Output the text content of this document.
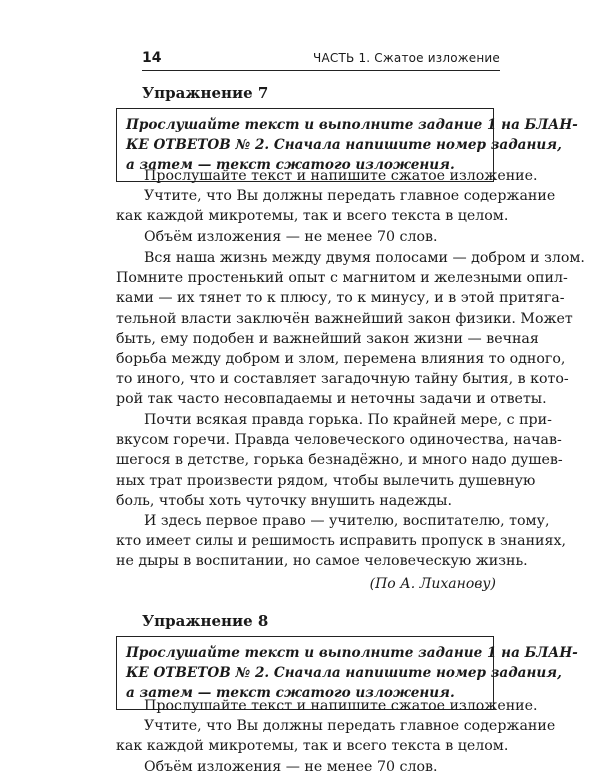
14	ЧАСТЬ 1. Сжатое изложение
Упражнение 7
Прослушайте текст и выполните задание 1 на БЛАН-
КЕ ОТВЕТОВ № 2. Сначала напишите номер задания,
а затем — текст сжатого изложения.
Прослушайте текст и напишите сжатое изложение.
Учтите, что Вы должны передать главное содержание
как каждой микротемы, так и всего текста в целом.
Объём изложения — не менее 70 слов.
Вся наша жизнь между двумя полосами — добром и злом.
Помните простенький опыт с магнитом и железными опил-
ками — их тянет то к плюсу, то к минусу, и в этой притяга-
тельной власти заключён важнейший закон физики. Может
быть, ему подобен и важнейший закон жизни — вечная
борьба между добром и злом, перемена влияния то одного,
то иного, что и составляет загадочную тайну бытия, в кото-
рой так часто несовпадаемы и неточны задачи и ответы.
Почти всякая правда горька. По крайней мере, с при-
вкусом горечи. Правда человеческого одиночества, начав-
шегося в детстве, горька безнадёжно, и много надо душев-
ных трат произвести рядом, чтобы вылечить душевную
боль, чтобы хоть чуточку внушить надежды.
И здесь первое право — учителю, воспитателю, тому,
кто имеет силы и решимость исправить пропуск в знаниях,
не дыры в воспитании, но самое человеческую жизнь.
(По А. Лиханову)
Упражнение 8
Прослушайте текст и выполните задание 1 на БЛАН-
КЕ ОТВЕТОВ № 2. Сначала напишите номер задания,
а затем — текст сжатого изложения.
Прослушайте текст и напишите сжатое изложение.
Учтите, что Вы должны передать главное содержание
как каждой микротемы, так и всего текста в целом.
Объём изложения — не менее 70 слов.
